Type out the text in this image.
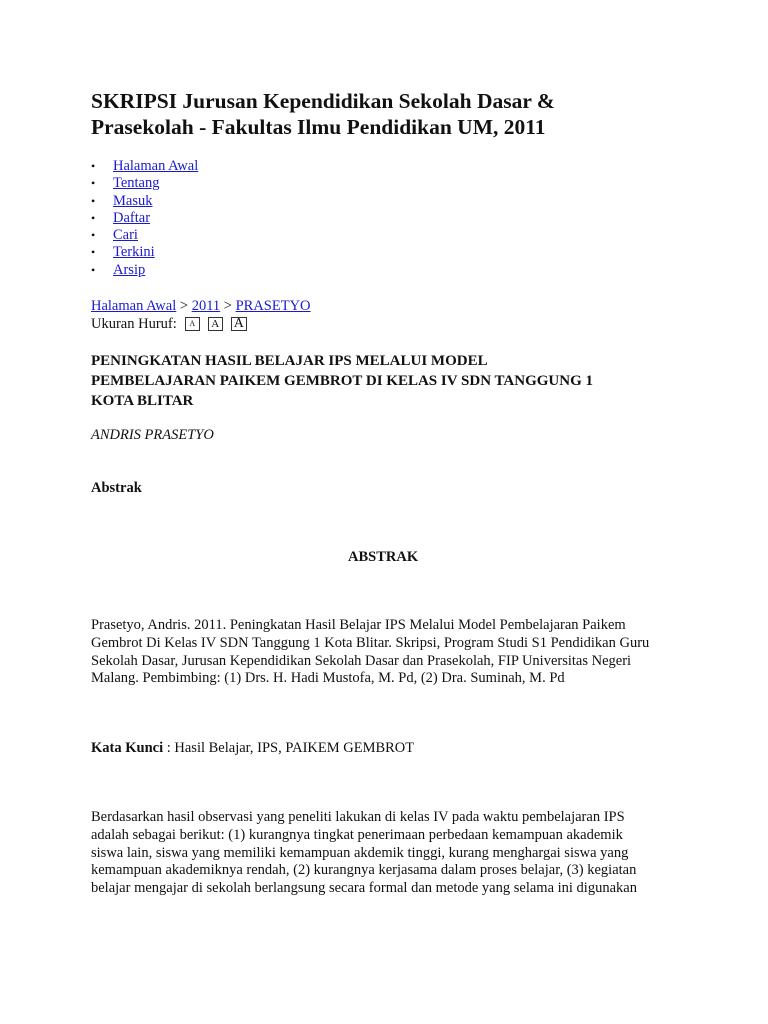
SKRIPSI Jurusan Kependidikan Sekolah Dasar &
Prasekolah - Fakultas Ilmu Pendidikan UM, 2011
• Halaman Awal
• Tentang
• Masuk
• Daftar
• Cari
• Terkini
• Arsip
Halaman Awal > 2011 > PRASETYO
Ukuran Huruf:	A	A A
PENINGKATAN HASIL BELAJAR IPS MELALUI MODEL
PEMBELAJARAN PAIKEM GEMBROT DI KELAS IV SDN TANGGUNG 1
KOTA BLITAR

ANDRIS PRASETYO

Abstrak

ABSTRAK

Prasetyo, Andris. 2011. Peningkatan Hasil Belajar IPS Melalui Model Pembelajaran Paikem
Gembrot Di Kelas IV SDN Tanggung 1 Kota Blitar. Skripsi, Program Studi S1 Pendidikan Guru
Sekolah Dasar, Jurusan Kependidikan Sekolah Dasar dan Prasekolah, FIP Universitas Negeri
Malang. Pembimbing: (1) Drs. H. Hadi Mustofa, M. Pd, (2) Dra. Suminah, M. Pd

Kata Kunci : Hasil Belajar, IPS, PAIKEM GEMBROT

Berdasarkan hasil observasi yang peneliti lakukan di kelas IV pada waktu pembelajaran IPS
adalah sebagai berikut: (1) kurangnya tingkat penerimaan perbedaan kemampuan akademik
siswa lain, siswa yang memiliki kemampuan akdemik tinggi, kurang menghargai siswa yang
kemampuan akademiknya rendah, (2) kurangnya kerjasama dalam proses belajar, (3) kegiatan
belajar mengajar di sekolah berlangsung secara formal dan metode yang selama ini digunakan
